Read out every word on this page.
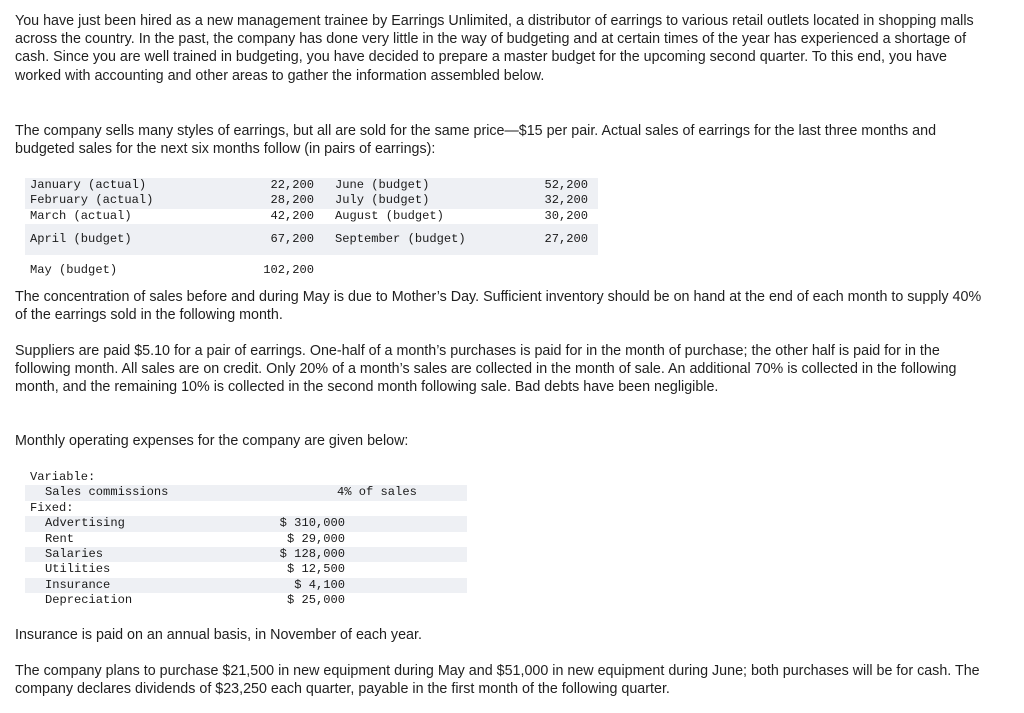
You have just been hired as a new management trainee by Earrings Unlimited, a distributor of earrings to various retail outlets located in shopping malls across the country. In the past, the company has done very little in the way of budgeting and at certain times of the year has experienced a shortage of cash. Since you are well trained in budgeting, you have decided to prepare a master budget for the upcoming second quarter. To this end, you have worked with accounting and other areas to gather the information assembled below.

The company sells many styles of earrings, but all are sold for the same price—$15 per pair. Actual sales of earrings for the last three months and budgeted sales for the next six months follow (in pairs of earrings):

January (actual)	22,200	June (budget)	52,200
February (actual)	28,200	July (budget)	32,200
March (actual)	42,200	August (budget)	30,200
April (budget)	67,200	September (budget)	27,200
May (budget)	102,200		

The concentration of sales before and during May is due to Mother’s Day. Sufficient inventory should be on hand at the end of each month to supply 40% of the earrings sold in the following month.

Suppliers are paid $5.10 for a pair of earrings. One-half of a month’s purchases is paid for in the month of purchase; the other half is paid for in the following month. All sales are on credit. Only 20% of a month’s sales are collected in the month of sale. An additional 70% is collected in the following month, and the remaining 10% is collected in the second month following sale. Bad debts have been negligible.

Monthly operating expenses for the company are given below:

Variable:
Sales commissions	4% of sales
Fixed:
Advertising	$ 310,000
Rent	$ 29,000
Salaries	$ 128,000
Utilities	$ 12,500
Insurance	$ 4,100
Depreciation	$ 25,000

Insurance is paid on an annual basis, in November of each year.

The company plans to purchase $21,500 in new equipment during May and $51,000 in new equipment during June; both purchases will be for cash. The company declares dividends of $23,250 each quarter, payable in the first month of the following quarter.
